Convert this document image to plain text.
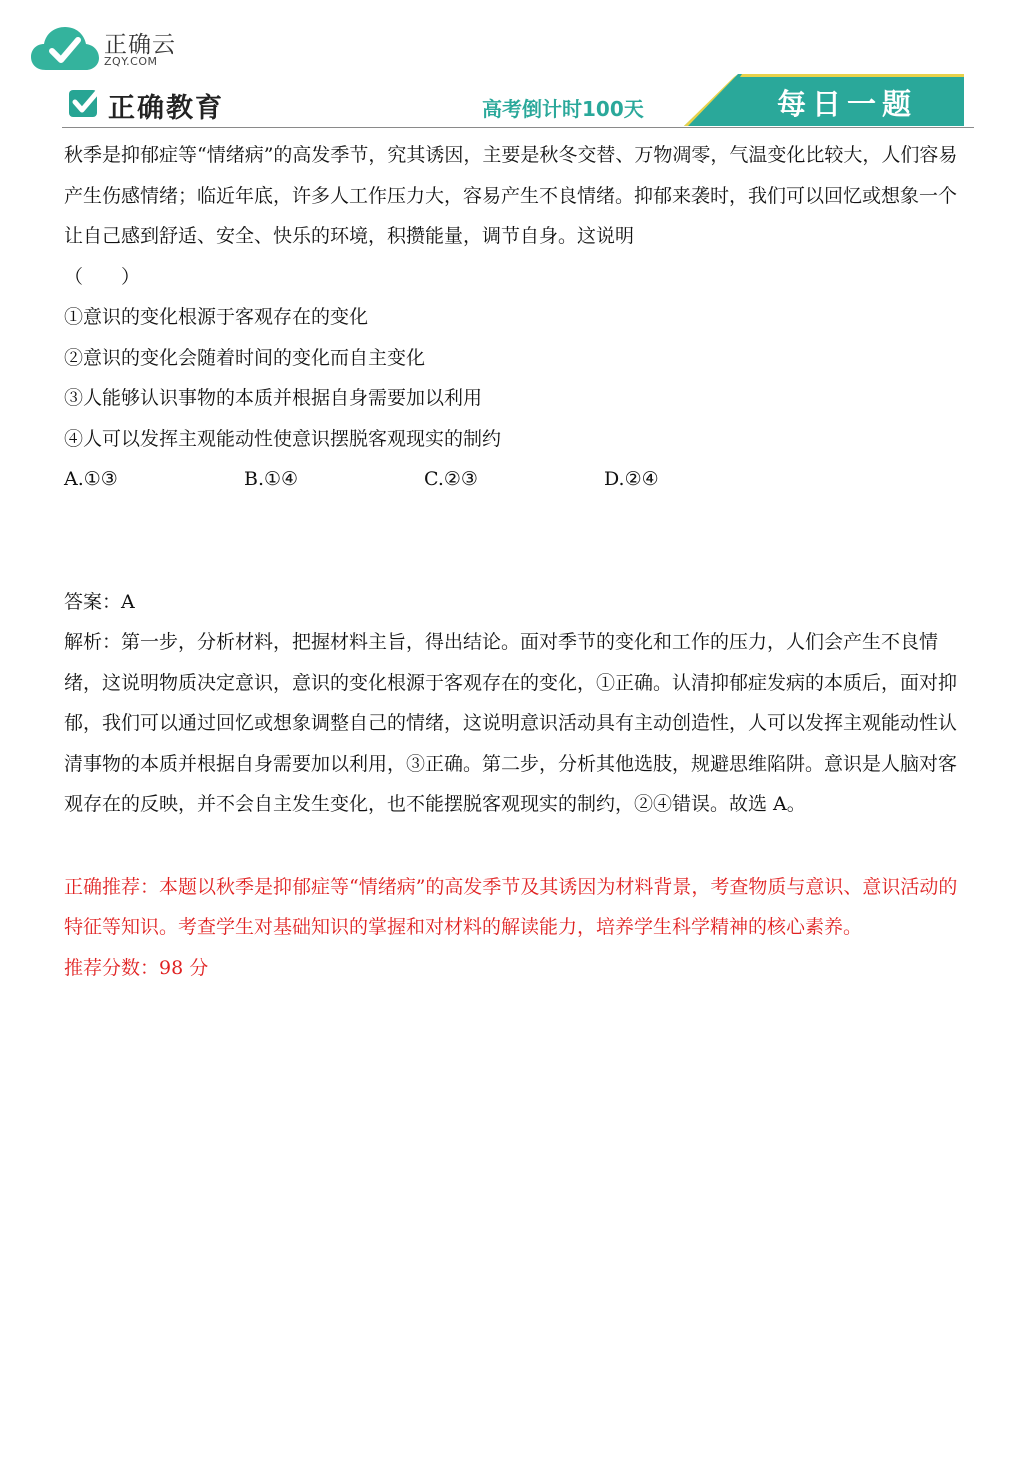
正确云
ZQY.COM
正确教育	高考倒计时100天	每日一题

秋季是抑郁症等“情绪病”的高发季节，究其诱因，主要是秋冬交替、万物凋零，气温变化比较大，人们容易产生伤感情绪；临近年底，许多人工作压力大，容易产生不良情绪。抑郁来袭时，我们可以回忆或想象一个让自己感到舒适、安全、快乐的环境，积攒能量，调节自身。这说明

（　　）

①意识的变化根源于客观存在的变化

②意识的变化会随着时间的变化而自主变化

③人能够认识事物的本质并根据自身需要加以利用

④人可以发挥主观能动性使意识摆脱客观现实的制约

A.①③	B.①④	C.②③	D.②④

答案：A

解析：第一步，分析材料，把握材料主旨，得出结论。面对季节的变化和工作的压力，人们会产生不良情绪，这说明物质决定意识，意识的变化根源于客观存在的变化，①正确。认清抑郁症发病的本质后，面对抑郁，我们可以通过回忆或想象调整自己的情绪，这说明意识活动具有主动创造性，人可以发挥主观能动性认清事物的本质并根据自身需要加以利用，③正确。第二步，分析其他选肢，规避思维陷阱。意识是人脑对客观存在的反映，并不会自主发生变化，也不能摆脱客观现实的制约，②④错误。故选 A。

正确推荐：本题以秋季是抑郁症等“情绪病”的高发季节及其诱因为材料背景，考查物质与意识、意识活动的特征等知识。考查学生对基础知识的掌握和对材料的解读能力，培养学生科学精神的核心素养。

推荐分数：98 分
